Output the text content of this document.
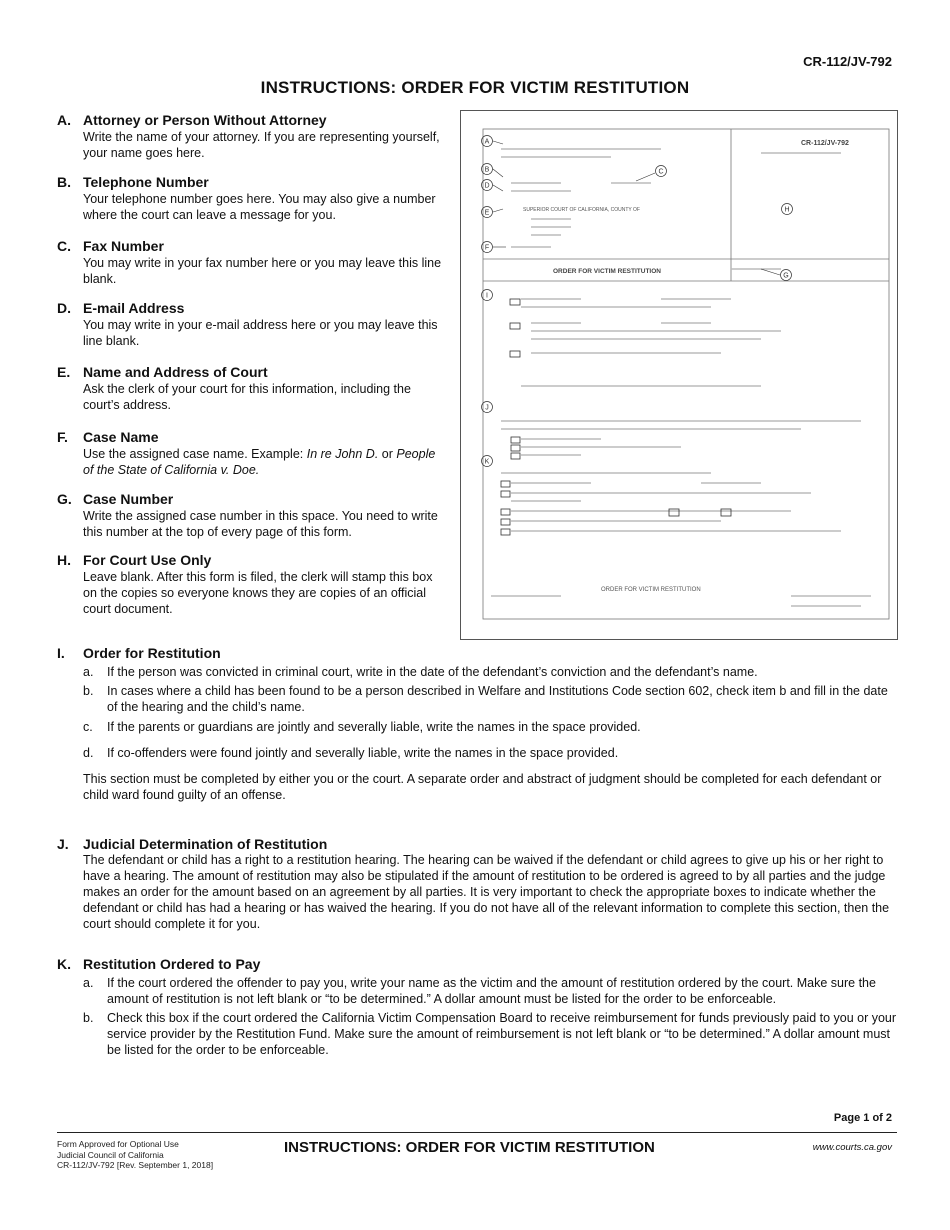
CR-112/JV-792
INSTRUCTIONS: ORDER FOR VICTIM RESTITUTION
A. Attorney or Person Without Attorney
Write the name of your attorney. If you are representing yourself, your name goes here.
B. Telephone Number
Your telephone number goes here. You may also give a number where the court can leave a message for you.
C. Fax Number
You may write in your fax number here or you may leave this line blank.
D. E-mail Address
You may write in your e-mail address here or you may leave this line blank.
E. Name and Address of Court
Ask the clerk of your court for this information, including the court’s address.
F.	Case Name
Use the assigned case name. Example: In re John D. or People of the State of California v. Doe.
G. Case Number
Write the assigned case number in this space. You need to write this number at the top of every page of this form.
H. For Court Use Only
Leave blank. After this form is filed, the clerk will stamp this box on the copies so everyone knows they are copies of an official court document.
CR-112/JV-792
SUPERIOR COURT OF CALIFORNIA, COUNTY OF
ORDER FOR VICTIM RESTITUTION
ORDER FOR VICTIM RESTITUTION
A
B	C
D
E
F
G
H
I
J
K
I.	Order for Restitution
a.	If the person was convicted in criminal court, write in the date of the defendant’s conviction and the defendant’s name.
b.	In cases where a child has been found to be a person described in Welfare and Institutions Code section 602, check item b and fill in the date of the hearing and the child’s name.
c.	If the parents or guardians are jointly and severally liable, write the names in the space provided.
d.	If co-offenders were found jointly and severally liable, write the names in the space provided.
This section must be completed by either you or the court. A separate order and abstract of judgment should be completed for each defendant or child ward found guilty of an offense.
J.	Judicial Determination of Restitution
The defendant or child has a right to a restitution hearing. The hearing can be waived if the defendant or child agrees to give up his or her right to have a hearing. The amount of restitution may also be stipulated if the amount of restitution to be ordered is agreed to by all parties and the judge makes an order for the amount based on an agreement by all parties. It is very important to check the appropriate boxes to indicate whether the defendant or child has had a hearing or has waived the hearing. If you do not have all of the relevant information to complete this section, then the court should complete it for you.
K. Restitution Ordered to Pay
a.	If the court ordered the offender to pay you, write your name as the victim and the amount of restitution ordered by the court. Make sure the amount of restitution is not left blank or “to be determined.” A dollar amount must be listed for the order to be enforceable.
b.	Check this box if the court ordered the California Victim Compensation Board to receive reimbursement for funds previously paid to you or your service provider by the Restitution Fund. Make sure the amount of reimbursement is not left blank or “to be determined.” A dollar amount must be listed for the order to be enforceable.
Page 1 of 2
Form Approved for Optional Use
Judicial Council of California
CR-112/JV-792 [Rev. September 1, 2018]
INSTRUCTIONS: ORDER FOR VICTIM RESTITUTION	www.courts.ca.gov
